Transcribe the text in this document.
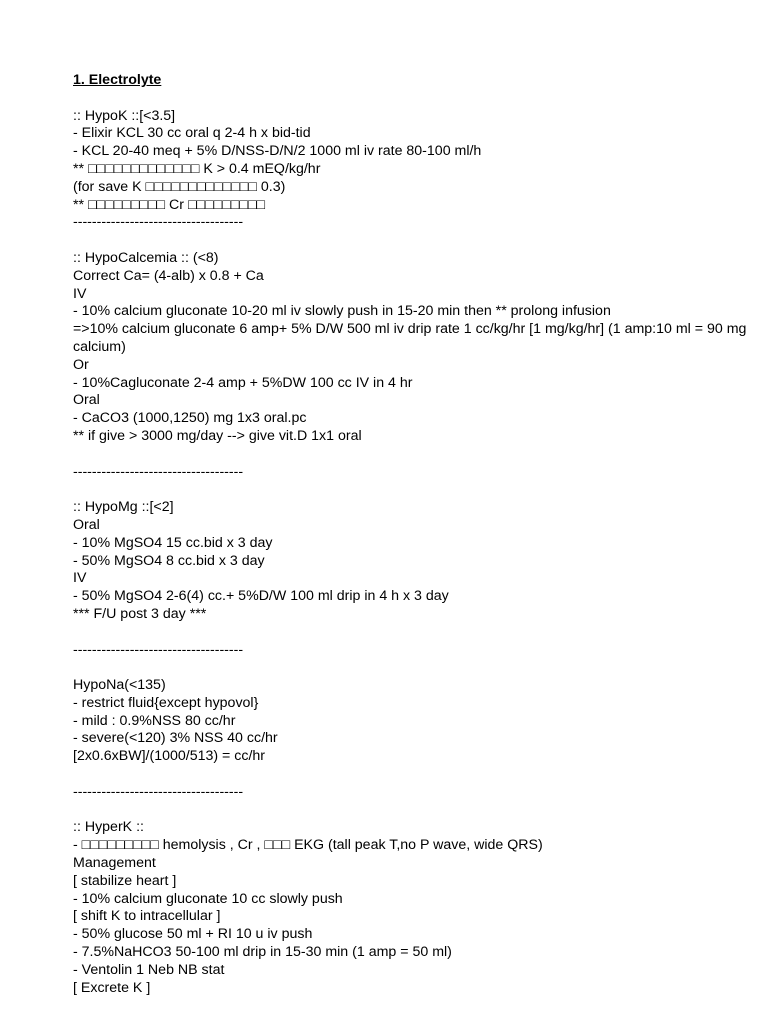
1. Electrolyte
:: HypoK ::[<3.5]
- Elixir KCL 30 cc oral q 2-4 h x bid-tid
- KCL 20-40 meq + 5% D/NSS-D/N/2 1000 ml iv rate 80-100 ml/h
** □□□□□□□□□□□□□ K > 0.4 mEQ/kg/hr
(for save K □□□□□□□□□□□□□ 0.3)
** □□□□□□□□□ Cr □□□□□□□□□
------------------------------------
:: HypoCalcemia :: (<8)
Correct Ca= (4-alb) x 0.8 + Ca
IV
- 10% calcium gluconate 10-20 ml iv slowly push in 15-20 min then ** prolong infusion
=>10% calcium gluconate 6 amp+ 5% D/W 500 ml iv drip rate 1 cc/kg/hr [1 mg/kg/hr] (1 amp:10 ml = 90 mg calcium)
Or
- 10%Cagluconate 2-4 amp + 5%DW 100 cc IV in 4 hr
Oral
- CaCO3 (1000,1250) mg 1x3 oral.pc
** if give > 3000 mg/day --> give vit.D 1x1 oral
------------------------------------
:: HypoMg ::[<2]
Oral
- 10% MgSO4 15 cc.bid x 3 day
- 50% MgSO4 8 cc.bid x 3 day
IV
- 50% MgSO4 2-6(4) cc.+ 5%D/W 100 ml drip in 4 h x 3 day
*** F/U post 3 day ***
------------------------------------
HypoNa(<135)
- restrict fluid{except hypovol}
- mild : 0.9%NSS 80 cc/hr
- severe(<120) 3% NSS 40 cc/hr
[2x0.6xBW]/(1000/513) = cc/hr
------------------------------------
:: HyperK ::
- □□□□□□□□□ hemolysis , Cr , □□□ EKG (tall peak T,no P wave, wide QRS)
Management
[ stabilize heart ]
- 10% calcium gluconate 10 cc slowly push
[ shift K to intracellular ]
- 50% glucose 50 ml + RI 10 u iv push
- 7.5%NaHCO3 50-100 ml drip in 15-30 min (1 amp = 50 ml)
- Ventolin 1 Neb NB stat
[ Excrete K ]
